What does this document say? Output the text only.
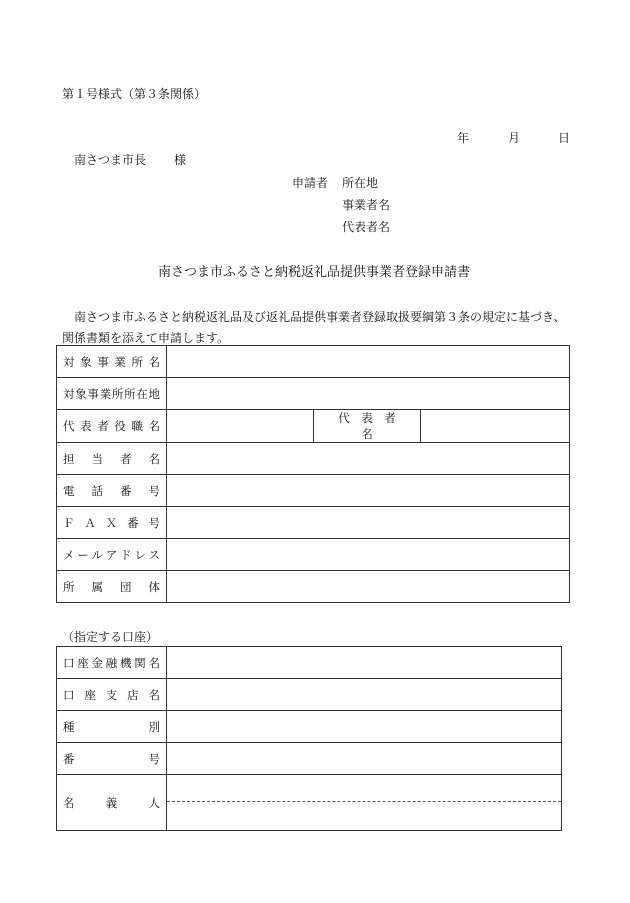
第１号様式（第３条関係）
年	月	日
南さつま市長 様
申請者 所在地
事業者名
代表者名
南さつま市ふるさと納税返礼品提供事業者登録申請書
南さつま市ふるさと納税返礼品及び返礼品提供事業者登録取扱要綱第３条の規定に基づき、
関係書類を添えて申請します。
対象事業所名			

対象事業所所在地			

代表者役職名		代　表　者　名	

担当者名			

電話番号			

ＦＡＸ番号			

メールアドレス			

所属団体			

（指定する口座）
口座金融機関名	

口座支店名	

種別	

番号	

名義人	
